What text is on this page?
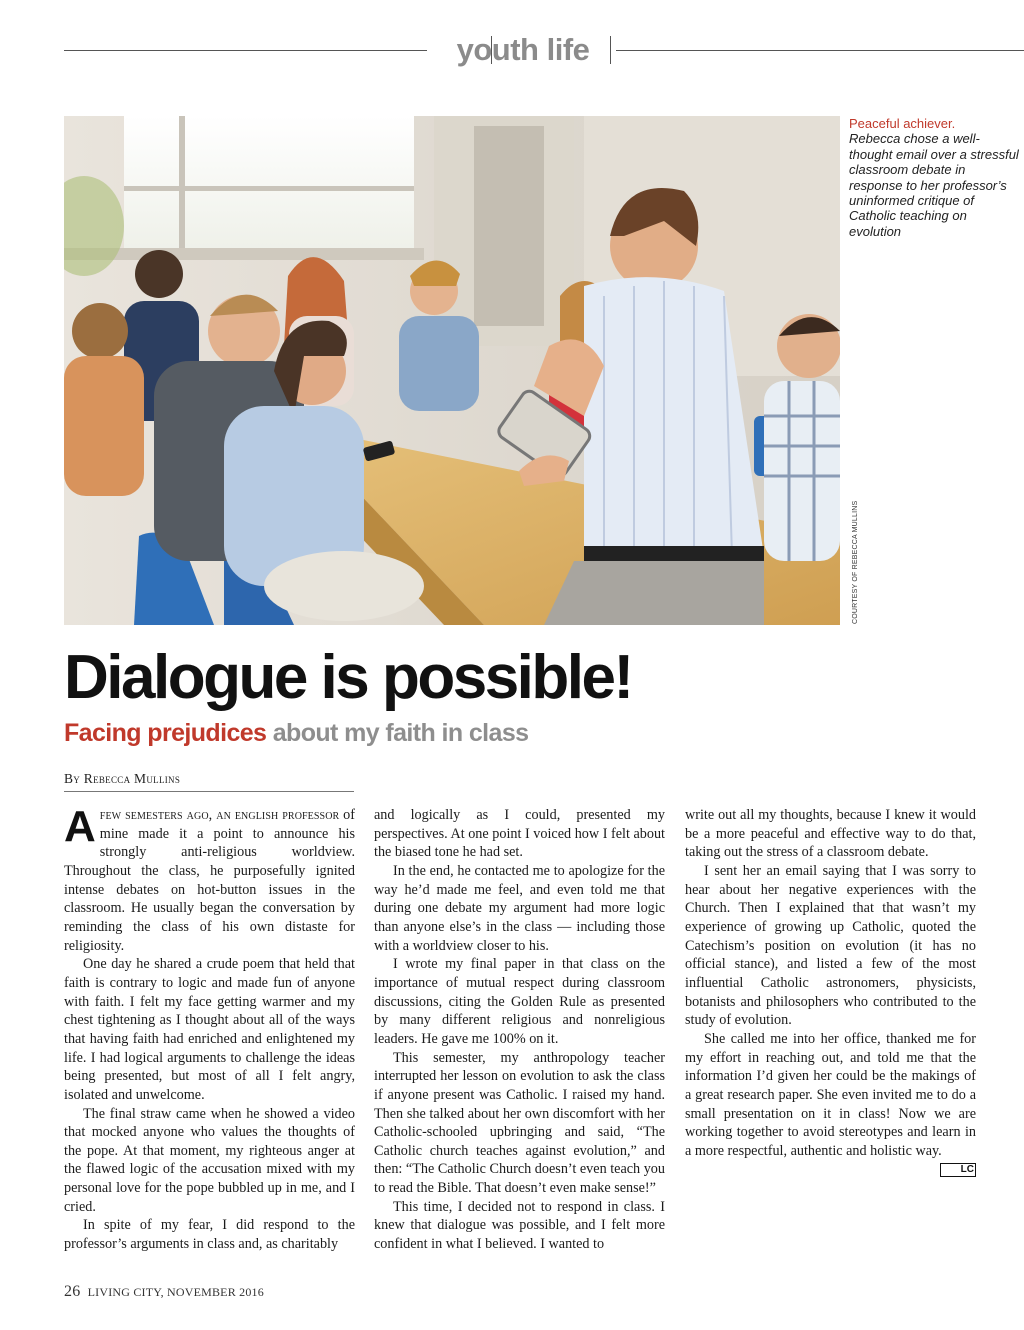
youth life
Peaceful achiever.
Rebecca chose a well-thought email over a stressful classroom debate in response to her professor’s uninformed critique of Catholic teaching on evolution
COURTESY OF REBECCA MULLINS
Dialogue is possible!
Facing prejudices about my faith in class
By Rebecca Mullins

Afew semesters ago, an english professor of mine made it a point to announce his strongly anti-religious worldview. Throughout the class, he purposefully ignited intense debates on hot-button issues in the classroom. He usually began the conversation by reminding the class of his own distaste for religiosity.

One day he shared a crude poem that held that faith is contrary to logic and made fun of anyone with faith. I felt my face getting warmer and my chest tightening as I thought about all of the ways that having faith had enriched and enlightened my life. I had logical arguments to challenge the ideas being presented, but most of all I felt angry, isolated and unwelcome.

The final straw came when he showed a video that mocked anyone who values the thoughts of the pope. At that moment, my righteous anger at the flawed logic of the accusation mixed with my personal love for the pope bubbled up in me, and I cried.

In spite of my fear, I did respond to the professor’s arguments in class and, as charitably

and logically as I could, presented my perspectives. At one point I voiced how I felt about the biased tone he had set.

In the end, he contacted me to apologize for the way he’d made me feel, and even told me that during one debate my argument had more logic than anyone else’s in the class — including those with a worldview closer to his.

I wrote my final paper in that class on the importance of mutual respect during classroom discussions, citing the Golden Rule as presented by many different religious and nonreligious leaders. He gave me 100% on it.

This semester, my anthropology teacher interrupted her lesson on evolution to ask the class if anyone present was Catholic. I raised my hand. Then she talked about her own discomfort with her Catholic-schooled upbringing and said, “The Catholic church teaches against evolution,” and then: “The Catholic Church doesn’t even teach you to read the Bible. That doesn’t even make sense!”

This time, I decided not to respond in class. I knew that dialogue was possible, and I felt more confident in what I believed. I wanted to

write out all my thoughts, because I knew it would be a more peaceful and effective way to do that, taking out the stress of a classroom debate.

I sent her an email saying that I was sorry to hear about her negative experiences with the Church. Then I explained that that wasn’t my experience of growing up Catholic, quoted the Catechism’s position on evolution (it has no official stance), and listed a few of the most influential Catholic astronomers, physicists, botanists and philosophers who contributed to the study of evolution.

She called me into her office, thanked me for my effort in reaching out, and told me that the information I’d given her could be the makings of a great research paper. She even invited me to do a small presentation on it in class! Now we are working together to avoid stereotypes and learn in a more respectful, authentic and holistic way.
LC

26 LIVING CITY, NOVEMBER 2016
